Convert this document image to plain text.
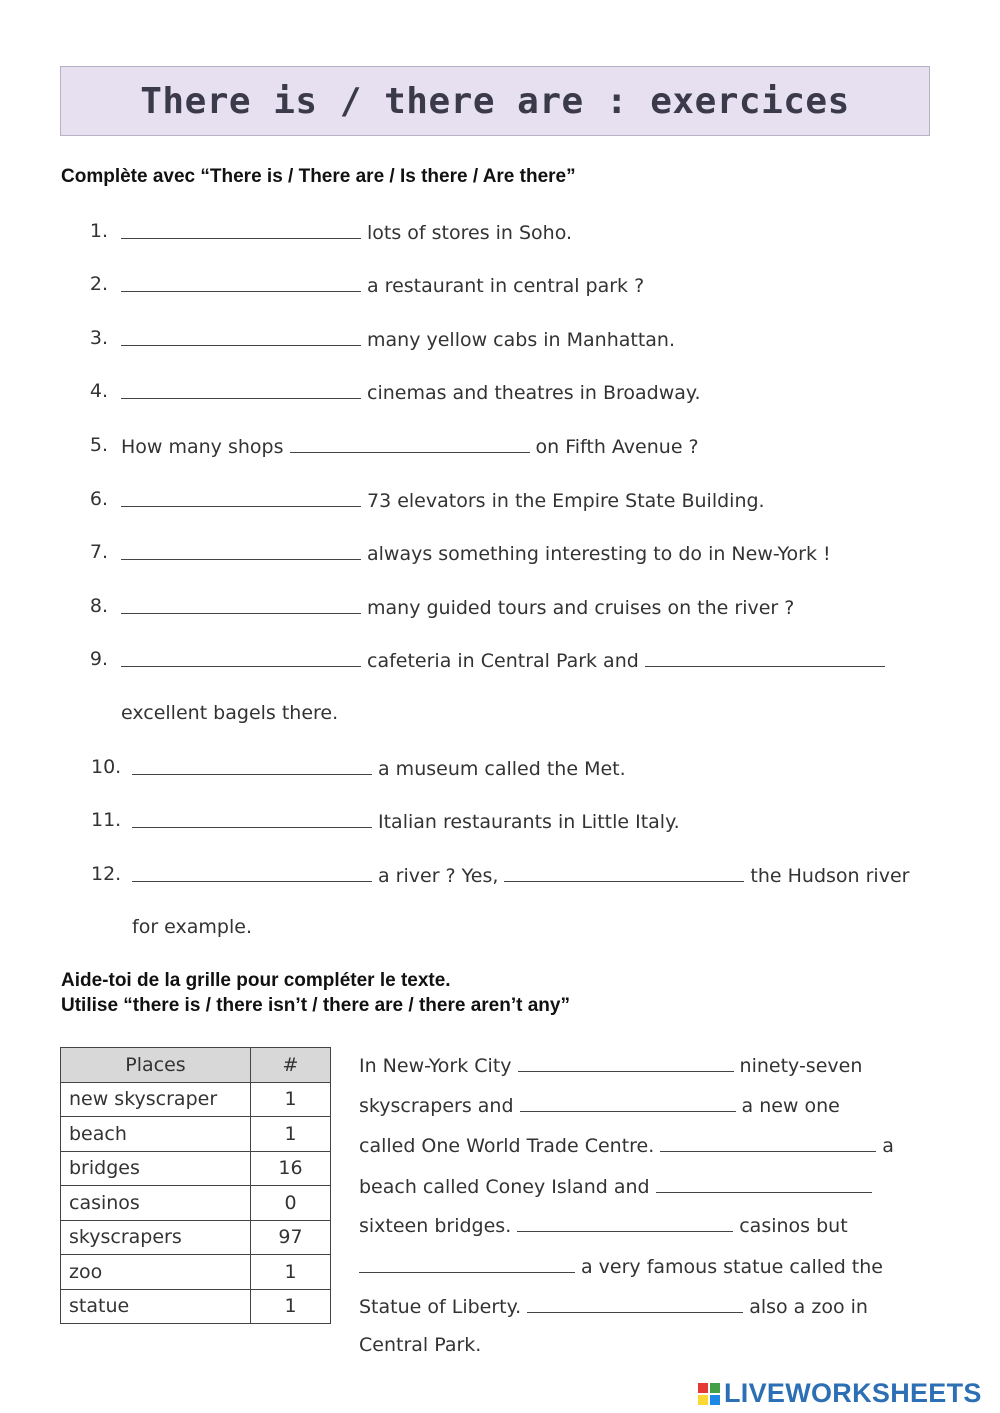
There is / there are : exercices
Complète avec “There is / There are / Is there / Are there”
1.	lots of stores in Soho.
2.	a restaurant in central park ?
3.	many yellow cabs in Manhattan.
4.	cinemas and theatres in Broadway.
5. How many shops	on Fifth Avenue ?
6.	73 elevators in the Empire State Building.
7.	always something interesting to do in New-York !
8.	many guided tours and cruises on the river ?
9.	cafeteria in Central Park and
excellent bagels there.
10.	a museum called the Met.
11.	Italian restaurants in Little Italy.
12.	a river ? Yes,	the Hudson river
for example.
Aide-toi de la grille pour compléter le texte.
Utilise “there is / there isn’t / there are / there aren’t any”
Places	#
new skyscraper	1
beach	1
bridges	16
casinos	0
skyscrapers	97
zoo	1
statue	1
In New-York City	ninety-seven
skyscrapers and	a new one
called One World Trade Centre.	a
beach called Coney Island and
sixteen bridges.	casinos but
a very famous statue called the
Statue of Liberty.	also a zoo in
Central Park.
LIVEWORKSHEETS
